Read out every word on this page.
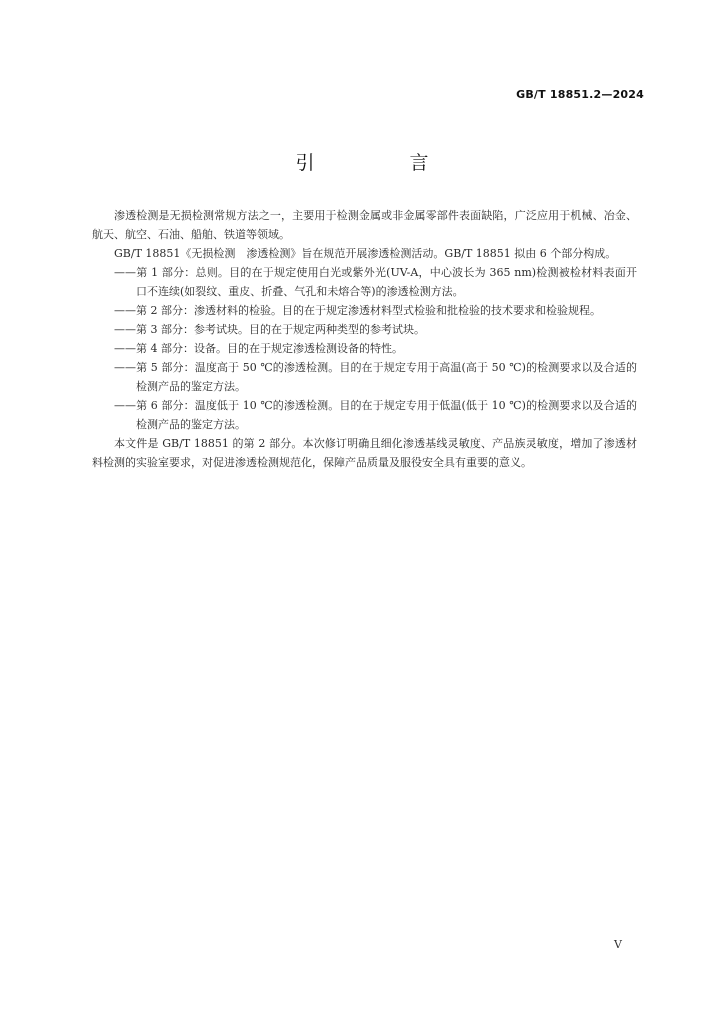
GB/T 18851.2—2024
引　言

渗透检测是无损检测常规方法之一，主要用于检测金属或非金属零部件表面缺陷，广泛应用于机械、冶金、航天、航空、石油、船舶、铁道等领域。

GB/T 18851《无损检测　渗透检测》旨在规范开展渗透检测活动。GB/T 18851 拟由 6 个部分构成。

——第 1 部分：总则。目的在于规定使用白光或紫外光(UV-A，中心波长为 365 nm)检测被检材料表面开口不连续(如裂纹、重皮、折叠、气孔和未熔合等)的渗透检测方法。

——第 2 部分：渗透材料的检验。目的在于规定渗透材料型式检验和批检验的技术要求和检验规程。

——第 3 部分：参考试块。目的在于规定两种类型的参考试块。

——第 4 部分：设备。目的在于规定渗透检测设备的特性。

——第 5 部分：温度高于 50 ℃的渗透检测。目的在于规定专用于高温(高于 50 ℃)的检测要求以及合适的检测产品的鉴定方法。

——第 6 部分：温度低于 10 ℃的渗透检测。目的在于规定专用于低温(低于 10 ℃)的检测要求以及合适的检测产品的鉴定方法。

本文件是 GB/T 18851 的第 2 部分。本次修订明确且细化渗透基线灵敏度、产品族灵敏度，增加了渗透材料检测的实验室要求，对促进渗透检测规范化，保障产品质量及服役安全具有重要的意义。

V
